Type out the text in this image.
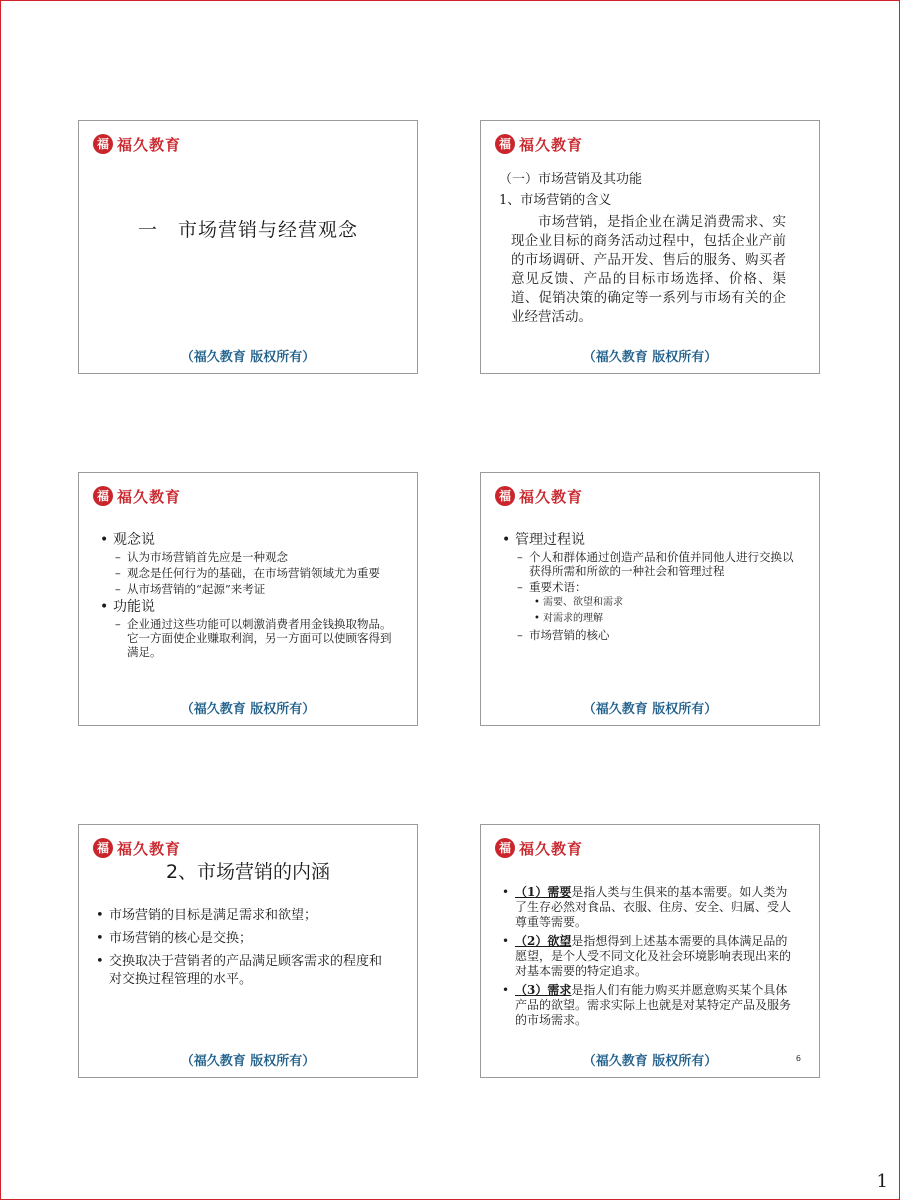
福 福久教育
一　市场营销与经营观念
（福久教育 版权所有）
福 福久教育
（一）市场营销及其功能
1、市场营销的含义
市场营销，是指企业在满足消费需求、实现企业目标的商务活动过程中，包括企业产前的市场调研、产品开发、售后的服务、购买者意见反馈、产品的目标市场选择、价格、渠道、促销决策的确定等一系列与市场有关的企业经营活动。
（福久教育 版权所有）
福 福久教育
• 观念说
– 认为市场营销首先应是一种观念
– 观念是任何行为的基础，在市场营销领域尤为重要
– 从市场营销的“起源”来考证
• 功能说
– 企业通过这些功能可以刺激消费者用金钱换取物品。它一方面使企业赚取利润，另一方面可以使顾客得到满足。
（福久教育 版权所有）
福 福久教育
• 管理过程说
– 个人和群体通过创造产品和价值并同他人进行交换以获得所需和所欲的一种社会和管理过程
– 重要术语：
• 需要、欲望和需求
• 对需求的理解
– 市场营销的核心
（福久教育 版权所有）
福 福久教育
2、市场营销的内涵
• 市场营销的目标是满足需求和欲望；
• 市场营销的核心是交换；
• 交换取决于营销者的产品满足顾客需求的程度和对交换过程管理的水平。
（福久教育 版权所有）
福 福久教育
• （1）需要是指人类与生俱来的基本需要。如人类为了生存必然对食品、衣服、住房、安全、归属、受人尊重等需要。
• （2）欲望是指想得到上述基本需要的具体满足品的愿望，是个人受不同文化及社会环境影响表现出来的对基本需要的特定追求。
• （3）需求是指人们有能力购买并愿意购买某个具体产品的欲望。需求实际上也就是对某特定产品及服务的市场需求。
（福久教育 版权所有）	6
1
